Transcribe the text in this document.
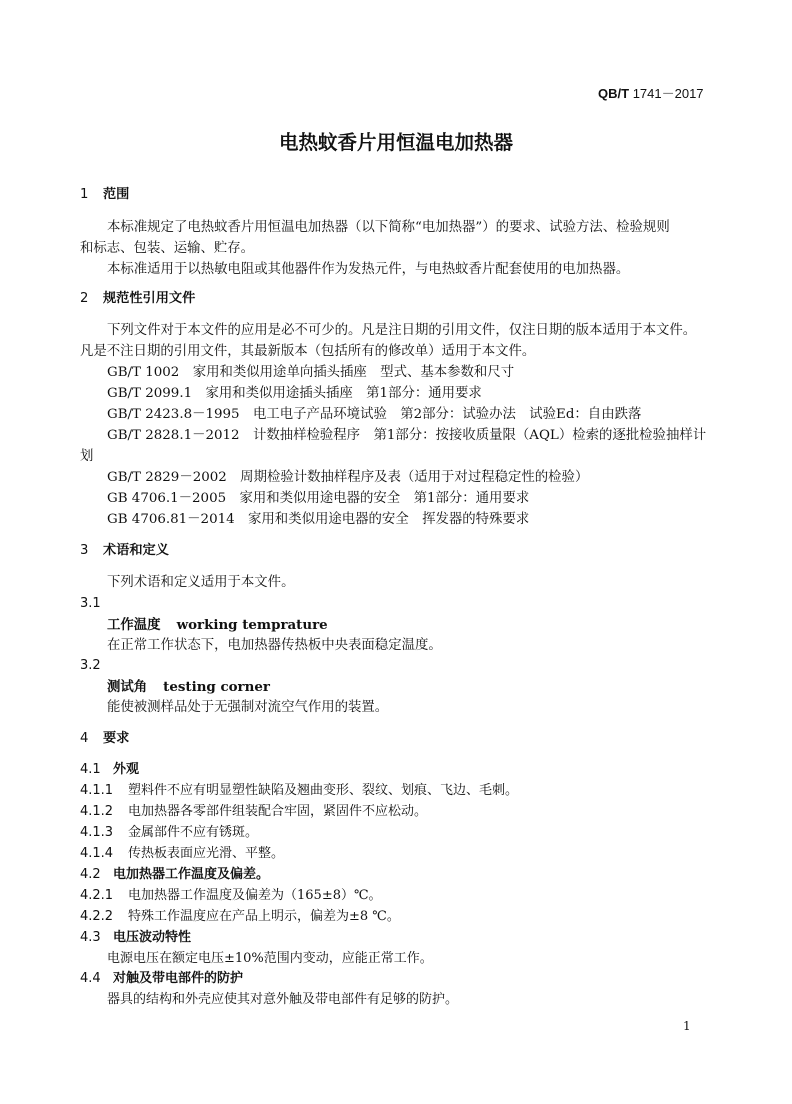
QB/T 1741－2017
电热蚊香片用恒温电加热器
1 范围
本标准规定了电热蚊香片用恒温电加热器（以下简称“电加热器”）的要求、试验方法、检验规则
和标志、包装、运输、贮存。
本标准适用于以热敏电阻或其他器件作为发热元件，与电热蚊香片配套使用的电加热器。
2 规范性引用文件
下列文件对于本文件的应用是必不可少的。凡是注日期的引用文件，仅注日期的版本适用于本文件。
凡是不注日期的引用文件，其最新版本（包括所有的修改单）适用于本文件。
GB/T 1002　家用和类似用途单向插头插座　型式、基本参数和尺寸
GB/T 2099.1　家用和类似用途插头插座　第1部分：通用要求
GB/T 2423.8－1995　电工电子产品环境试验　第2部分：试验办法　试验Ed：自由跌落
GB/T 2828.1－2012　计数抽样检验程序　第1部分：按接收质量限（AQL）检索的逐批检验抽样计
划
GB/T 2829－2002　周期检验计数抽样程序及表（适用于对过程稳定性的检验）
GB 4706.1－2005　家用和类似用途电器的安全　第1部分：通用要求
GB 4706.81－2014　家用和类似用途电器的安全　挥发器的特殊要求
3 术语和定义
下列术语和定义适用于本文件。
3.1
工作温度 working temprature
在正常工作状态下，电加热器传热板中央表面稳定温度。
3.2
测试角 testing corner
能使被测样品处于无强制对流空气作用的装置。
4 要求
4.1 外观
4.1.1 塑料件不应有明显塑性缺陷及翘曲变形、裂纹、划痕、飞边、毛刺。
4.1.2 电加热器各零部件组装配合牢固，紧固件不应松动。
4.1.3 金属部件不应有锈斑。
4.1.4 传热板表面应光滑、平整。
4.2 电加热器工作温度及偏差。
4.2.1 电加热器工作温度及偏差为（165±8）℃。
4.2.2 特殊工作温度应在产品上明示，偏差为±8 ℃。
4.3 电压波动特性
电源电压在额定电压±10%范围内变动，应能正常工作。
4.4 对触及带电部件的防护
器具的结构和外壳应使其对意外触及带电部件有足够的防护。
1
